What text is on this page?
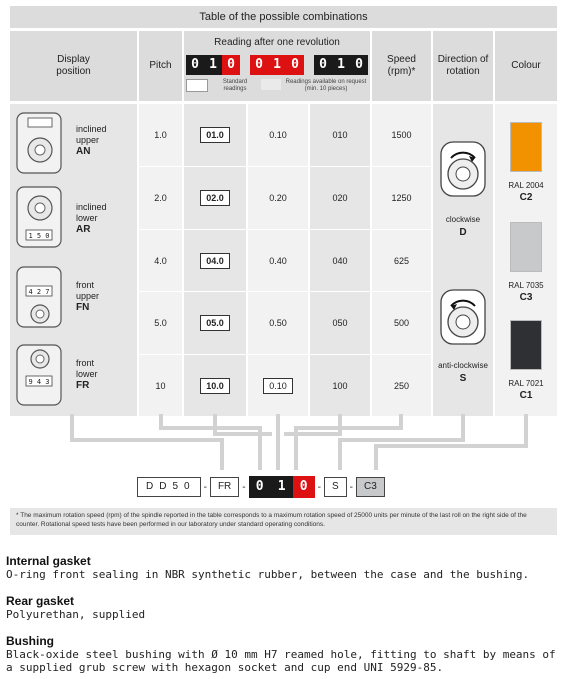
Table of the possible combinations
Display position
Pitch
Reading after one revolution
0 1 0	0 1 0	0 1 0
Standard readings
Readings available on request (min. 10 pieces)
Speed (rpm)*
Direction of rotation
Colour
inclined
upper
AN
1 5 0
inclined
lower
AR
4 2 7
front
upper
FN
9 4 3
front
lower
FR
1.0	01.0	0.10	010	1500
2.0	02.0	0.20	020	1250
4.0	04.0	0.40	040	625
5.0	05.0	0.50	050	500
10	10.0	0.10	100	250
clockwise
D
anti-clockwise
S
RAL 2004
C2
RAL 7035
C3
RAL 7021
C1
DD50 -	FR	- 0	1	0	-	S	-	C3
* The maximum rotation speed (rpm) of the spindle reported in the table corresponds to a maximum rotation speed of 25000 units per minute of the last roll on the right side of the counter. Rotational speed tests have been performed in our laboratory under standard operating conditions.
Internal gasket
O-ring front sealing in NBR synthetic rubber, between the case and the bushing.
Rear gasket
Polyurethan, supplied
Bushing
Black-oxide steel bushing with Ø 10 mm H7 reamed hole, fitting to shaft by means of a supplied grub screw with hexagon socket and cup end UNI 5929-85.
